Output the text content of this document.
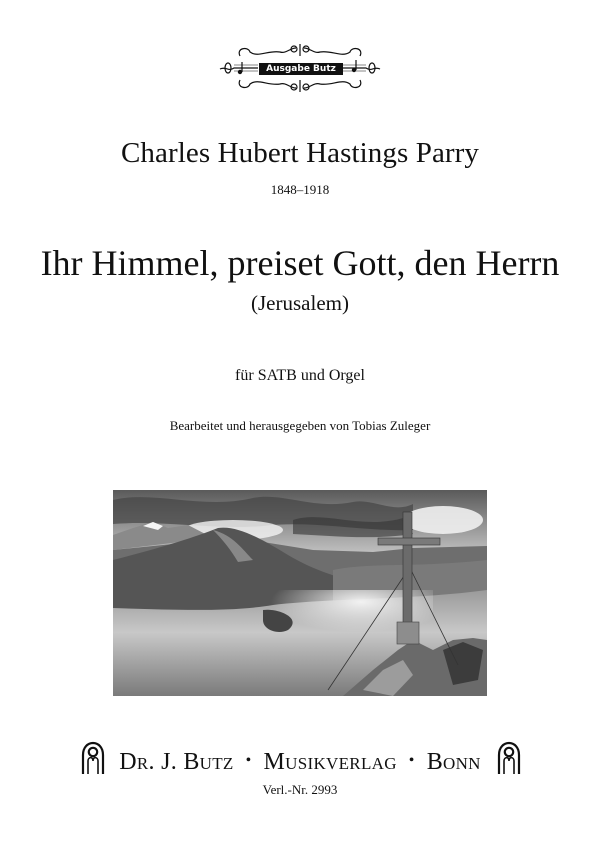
Ausgabe Butz
Charles Hubert Hastings Parry
1848–1918
Ihr Himmel, preiset Gott, den Herrn
(Jerusalem)
für SATB und Orgel
Bearbeitet und herausgegeben von Tobias Zuleger
Dr. J. Butz • Musikverlag • Bonn
Verl.-Nr. 2993
